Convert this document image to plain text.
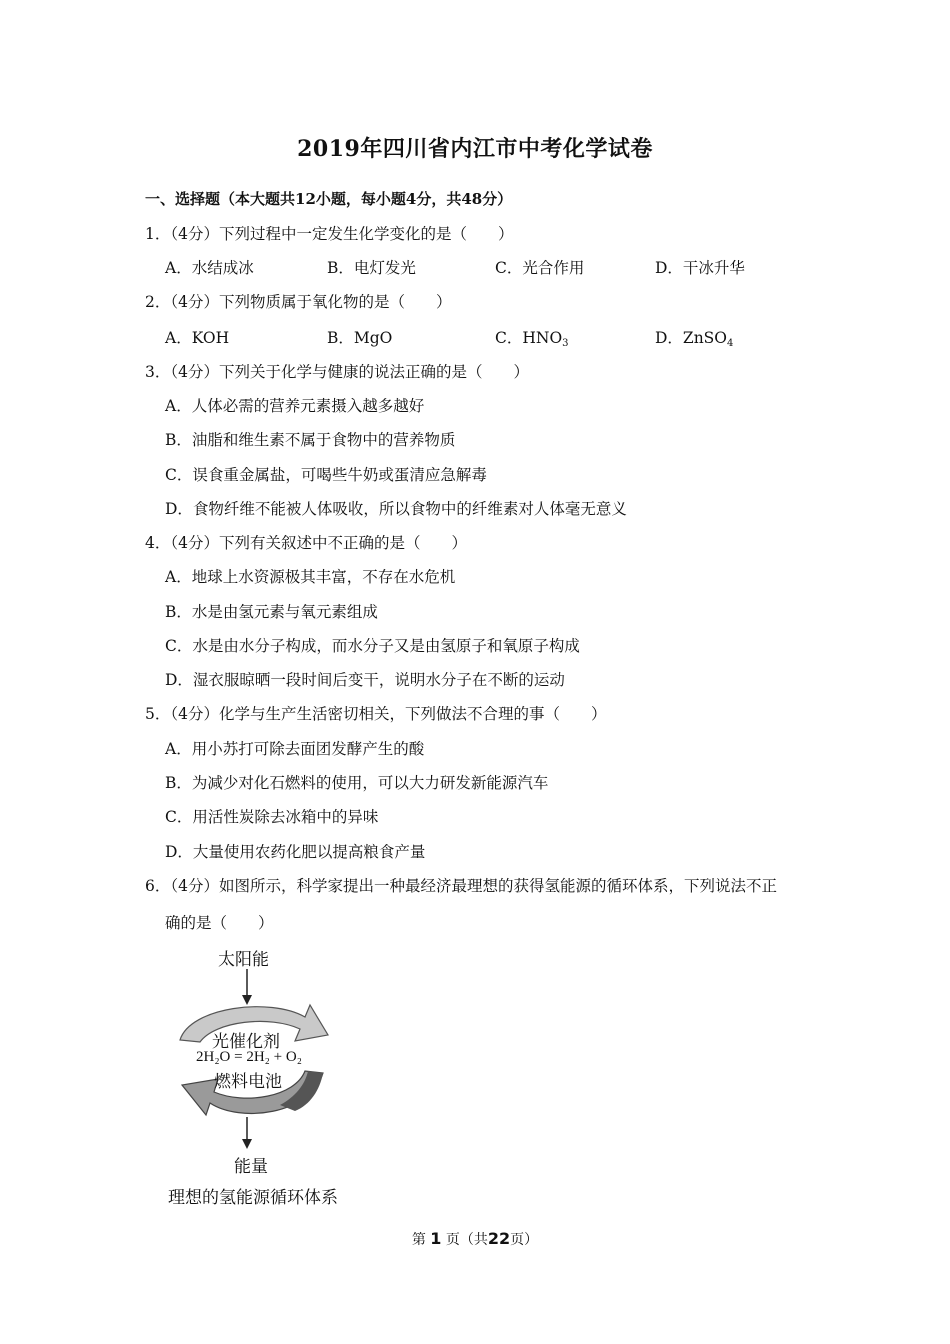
2019年四川省内江市中考化学试卷
一、选择题（本大题共12小题，每小题4分，共48分）
1．（4分）下列过程中一定发生化学变化的是（　　）
A．水结成冰	B．电灯发光	C．光合作用	D．干冰升华
2．（4分）下列物质属于氧化物的是（　　）
A．KOH	B．MgO	C．$HNO_3$	D．ZnSO$_4$
3．（4分）下列关于化学与健康的说法正确的是（　　）
A．人体必需的营养元素摄入越多越好
B．油脂和维生素不属于食物中的营养物质
C．误食重金属盐，可喝些牛奶或蛋清应急解毒
D．食物纤维不能被人体吸收，所以食物中的纤维素对人体毫无意义
4．（4分）下列有关叙述中不正确的是（　　）
A．地球上水资源极其丰富，不存在水危机
B．水是由氢元素与氧元素组成
C．水是由水分子构成，而水分子又是由氢原子和氧原子构成
D．湿衣服晾晒一段时间后变干，说明水分子在不断的运动
5．（4分）化学与生产生活密切相关，下列做法不合理的事（　　）
A．用小苏打可除去面团发酵产生的酸
B．为减少对化石燃料的使用，可以大力研发新能源汽车
C．用活性炭除去冰箱中的异味
D．大量使用农药化肥以提高粮食产量
6．（4分）如图所示，科学家提出一种最经济最理想的获得氢能源的循环体系，下列说法不正
确的是（　　）
太阳能
光催化剂
2H₂O = 2H₂ + O₂
燃料电池
能量
理想的氢能源循环体系
第 1 页（共22页）
